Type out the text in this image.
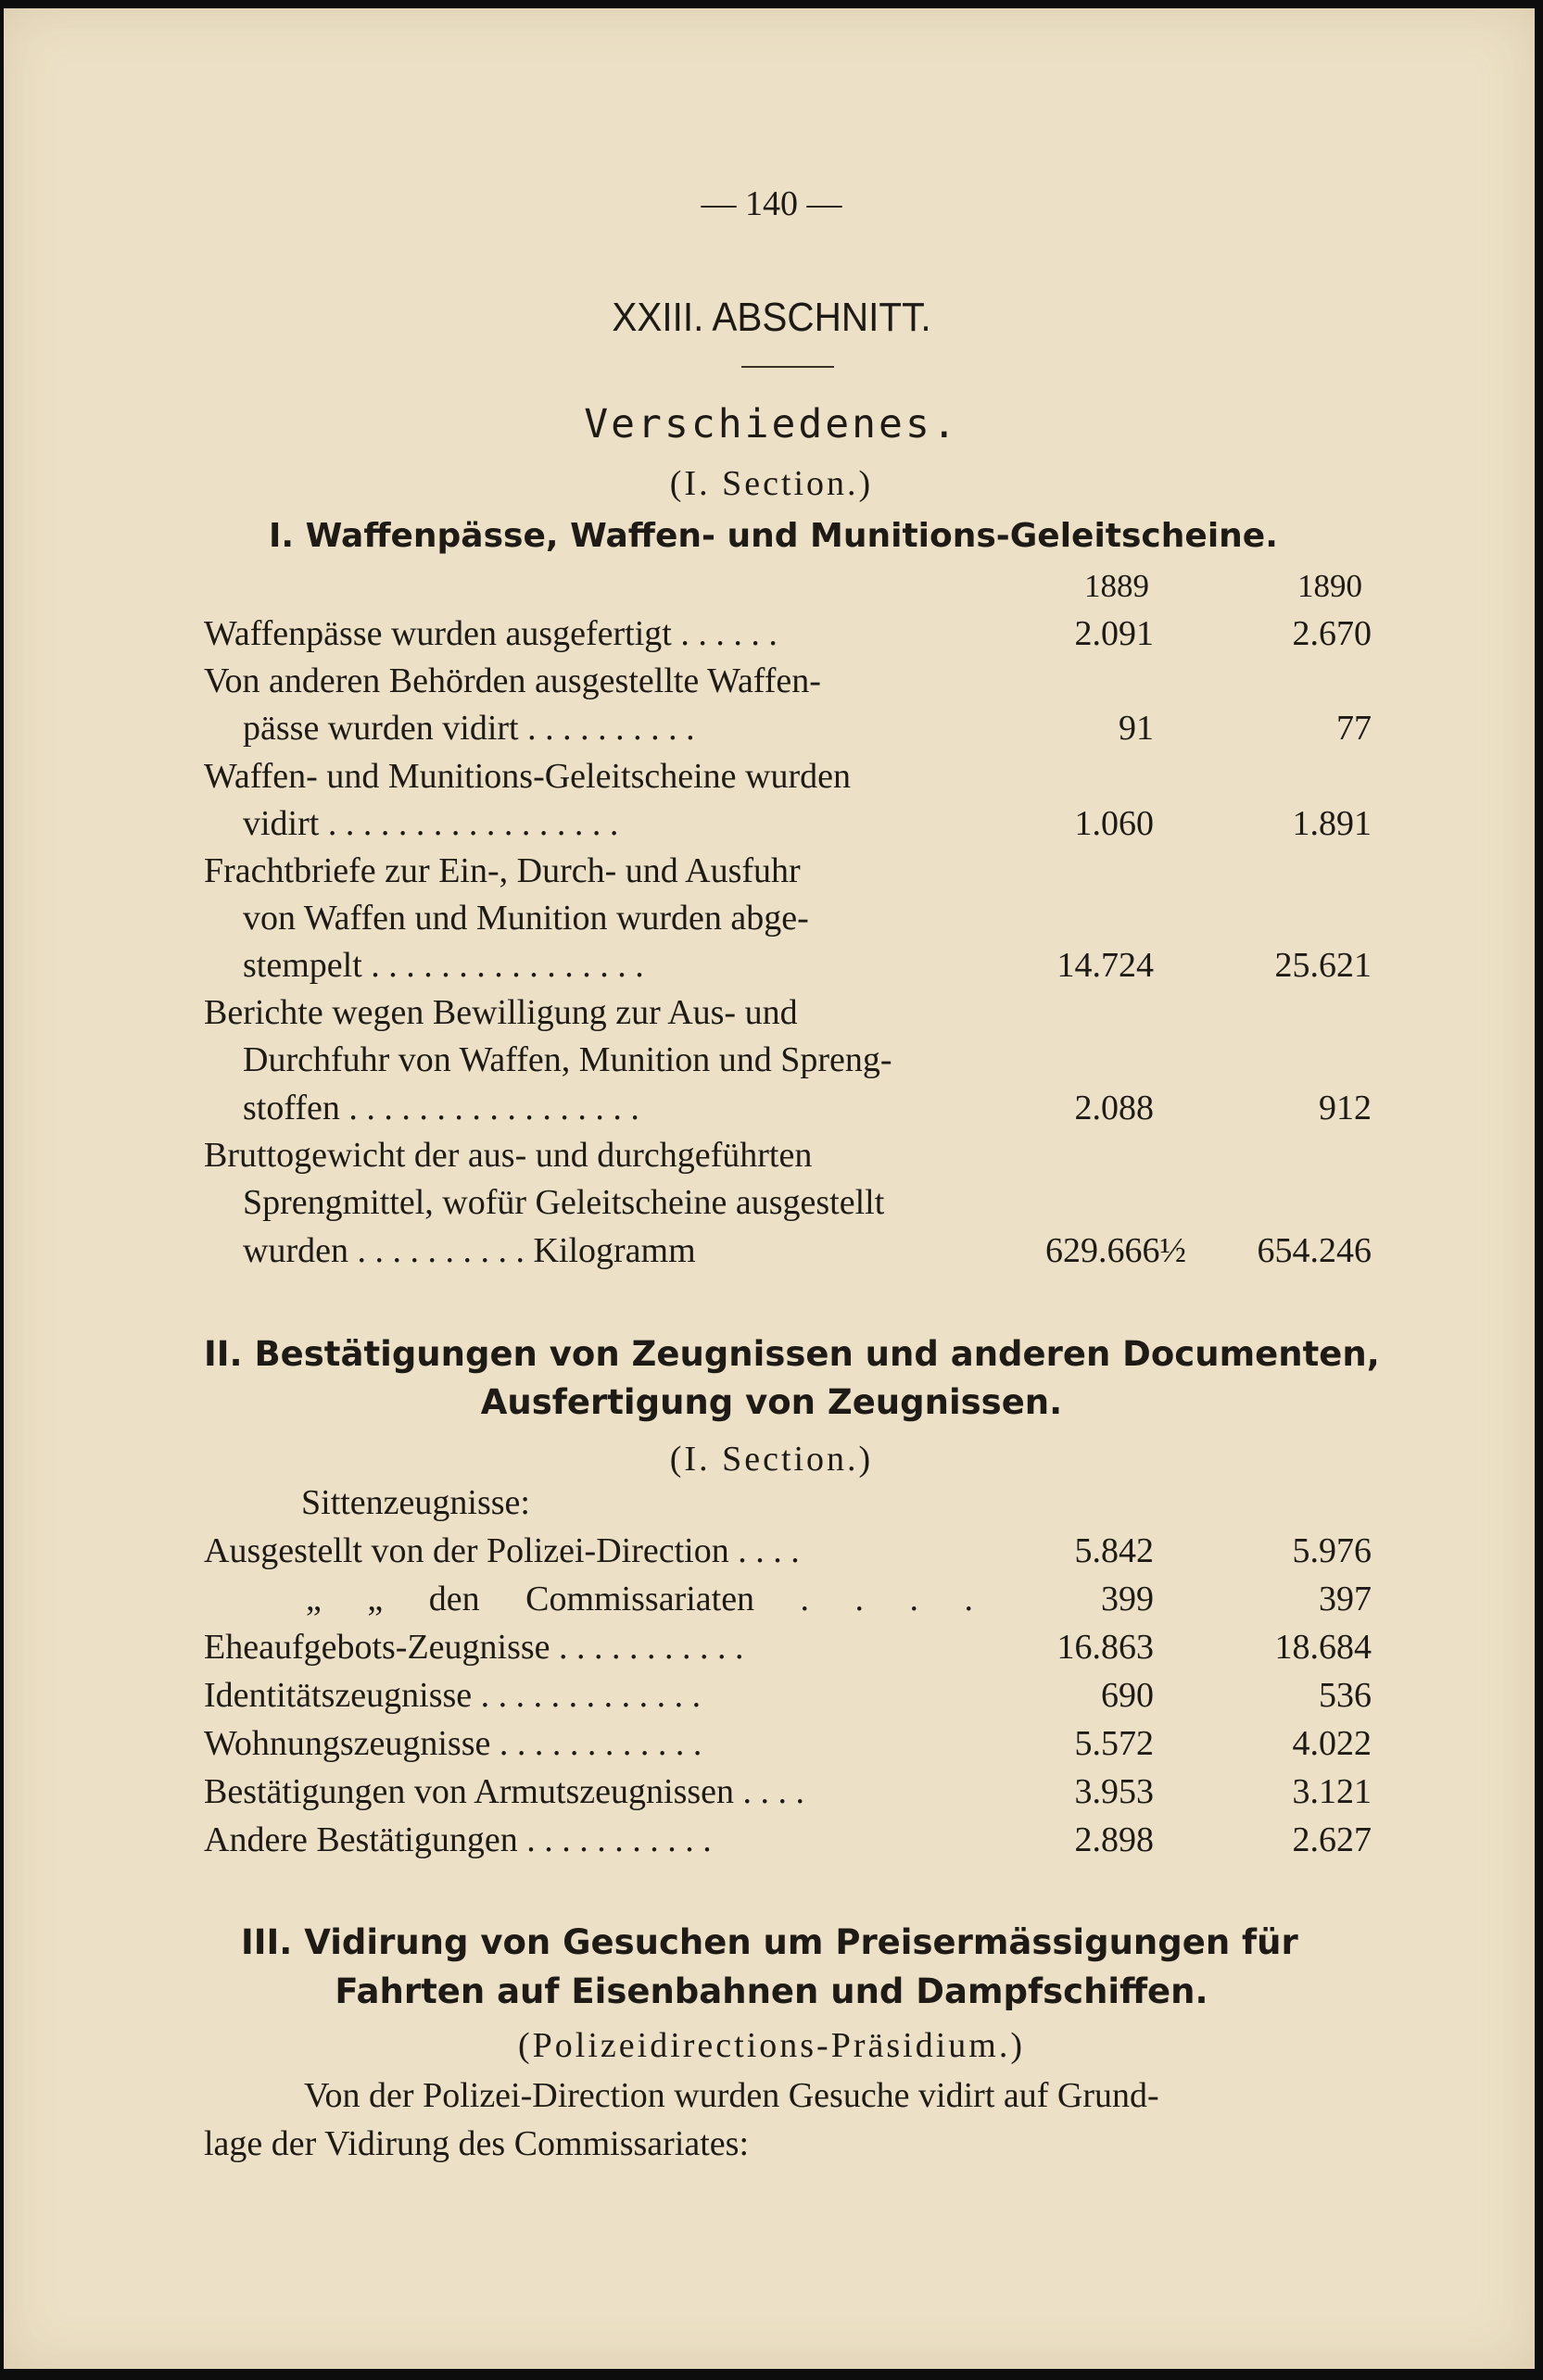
— 140 —
XXIII. ABSCHNITT.
Verschiedenes.
(I. Section.)
I. Waffenpässe, Waffen- und Munitions-Geleitscheine.
1889	1890
Waffenpässe wurden ausgefertigt . . . . . .	2.091	2.670
Von anderen Behörden ausgestellte Waffen-
pässe wurden vidirt . . . . . . . . . .	91	77
Waffen- und Munitions-Geleitscheine wurden
vidirt . . . . . . . . . . . . . . . . .	1.060	1.891
Frachtbriefe zur Ein-, Durch- und Ausfuhr
von Waffen und Munition wurden abge-
stempelt . . . . . . . . . . . . . . . .	14.724	25.621
Berichte wegen Bewilligung zur Aus- und
Durchfuhr von Waffen, Munition und Spreng-
stoffen . . . . . . . . . . . . . . . . .	2.088	912
Bruttogewicht der aus- und durchgeführten
Sprengmittel, wofür Geleitscheine ausgestellt
wurden . . . . . . . . . . Kilogramm	629.666½	654.246
II. Bestätigungen von Zeugnissen und anderen Documenten,
Ausfertigung von Zeugnissen.
(I. Section.)
Sittenzeugnisse:
Ausgestellt von der Polizei-Direction . . . .	5.842	5.976
„ „ den Commissariaten . . . .	399	397
Eheaufgebots-Zeugnisse . . . . . . . . . . .	16.863	18.684
Identitätszeugnisse . . . . . . . . . . . . .	690	536
Wohnungszeugnisse . . . . . . . . . . . .	5.572	4.022
Bestätigungen von Armutszeugnissen . . . .	3.953	3.121
Andere Bestätigungen . . . . . . . . . . .	2.898	2.627
III. Vidirung von Gesuchen um Preisermässigungen für
Fahrten auf Eisenbahnen und Dampfschiffen.
(Polizeidirections-Präsidium.)
Von der Polizei-Direction wurden Gesuche vidirt auf Grund-
lage der Vidirung des Commissariates:
